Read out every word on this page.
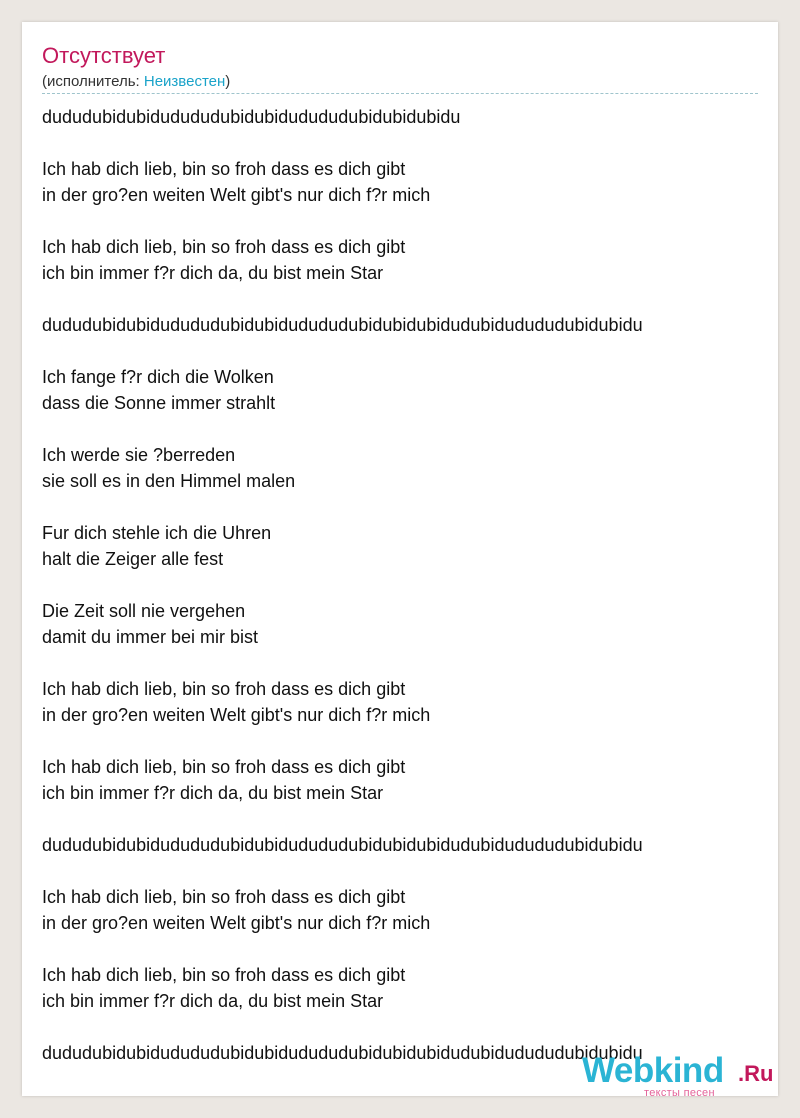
Отсутствует
(исполнитель: Неизвестен)
dududubidubidudududubidubidudududubidubidubidu
Ich hab dich lieb, bin so froh dass es dich gibt
in der gro?en weiten Welt gibt's nur dich f?r mich
Ich hab dich lieb, bin so froh dass es dich gibt
ich bin immer f?r dich da, du bist mein Star
dududubidubidudududubidubidudududubidubidubidudubidudududubidubidu
Ich fange f?r dich die Wolken
dass die Sonne immer strahlt
Ich werde sie ?berreden
sie soll es in den Himmel malen
Fur dich stehle ich die Uhren
halt die Zeiger alle fest
Die Zeit soll nie vergehen
damit du immer bei mir bist
Ich hab dich lieb, bin so froh dass es dich gibt
in der gro?en weiten Welt gibt's nur dich f?r mich
Ich hab dich lieb, bin so froh dass es dich gibt
ich bin immer f?r dich da, du bist mein Star
dududubidubidudududubidubidudududubidubidubidudubidudududubidubidu
Ich hab dich lieb, bin so froh dass es dich gibt
in der gro?en weiten Welt gibt's nur dich f?r mich
Ich hab dich lieb, bin so froh dass es dich gibt
ich bin immer f?r dich da, du bist mein Star
dududubidubidudududubidubidudududubidubidubidudubidudududubidubidu
Webkind .Ru
тексты песен
